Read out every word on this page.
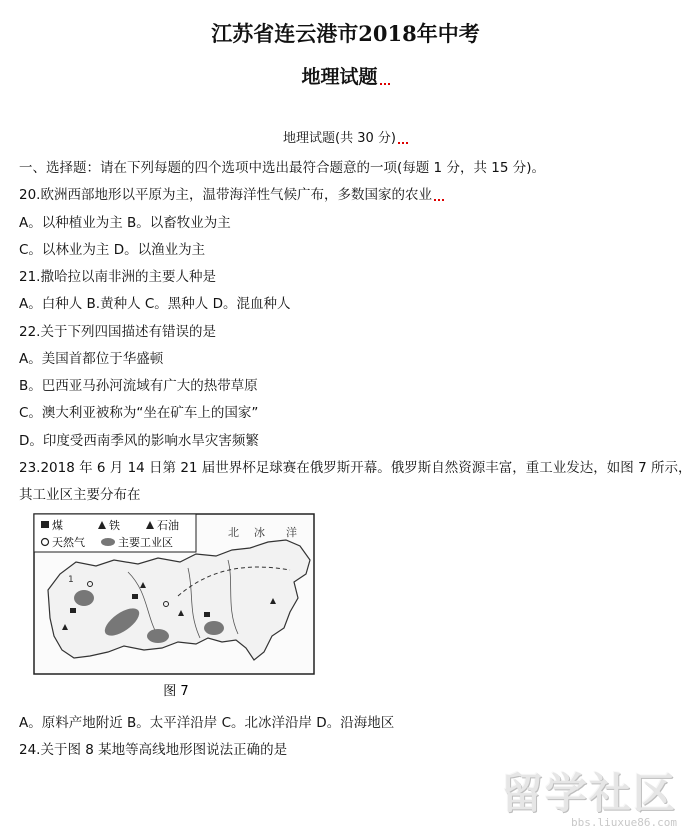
江苏省连云港市2018年中考
地理试题
地理试题(共 30 分)
一、选择题：请在下列每题的四个选项中选出最符合题意的一项(每题 1 分，共 15 分)。
20.欧洲西部地形以平原为主，温带海洋性气候广布，多数国家的农业
A。以种植业为主 B。以畜牧业为主
C。以林业为主 D。以渔业为主
21.撒哈拉以南非洲的主要人种是
A。白种人 B.黄种人 C。黑种人 D。混血种人
22.关于下列四国描述有错误的是
A。美国首都位于华盛顿
B。巴西亚马孙河流域有广大的热带草原
C。澳大利亚被称为“坐在矿车上的国家”
D。印度受西南季风的影响水旱灾害频繁
23.2018 年 6 月 14 日第 21 届世界杯足球赛在俄罗斯开幕。俄罗斯自然资源丰富，重工业发达，如图 7 所示，
其工业区主要分布在
煤	铁	石油
天然气	主要工业区
北 冰 洋
1
图 7
A。原料产地附近 B。太平洋沿岸 C。北冰洋沿岸 D。沿海地区
24.关于图 8 某地等高线地形图说法正确的是
留学社区
bbs.liuxue86.com
